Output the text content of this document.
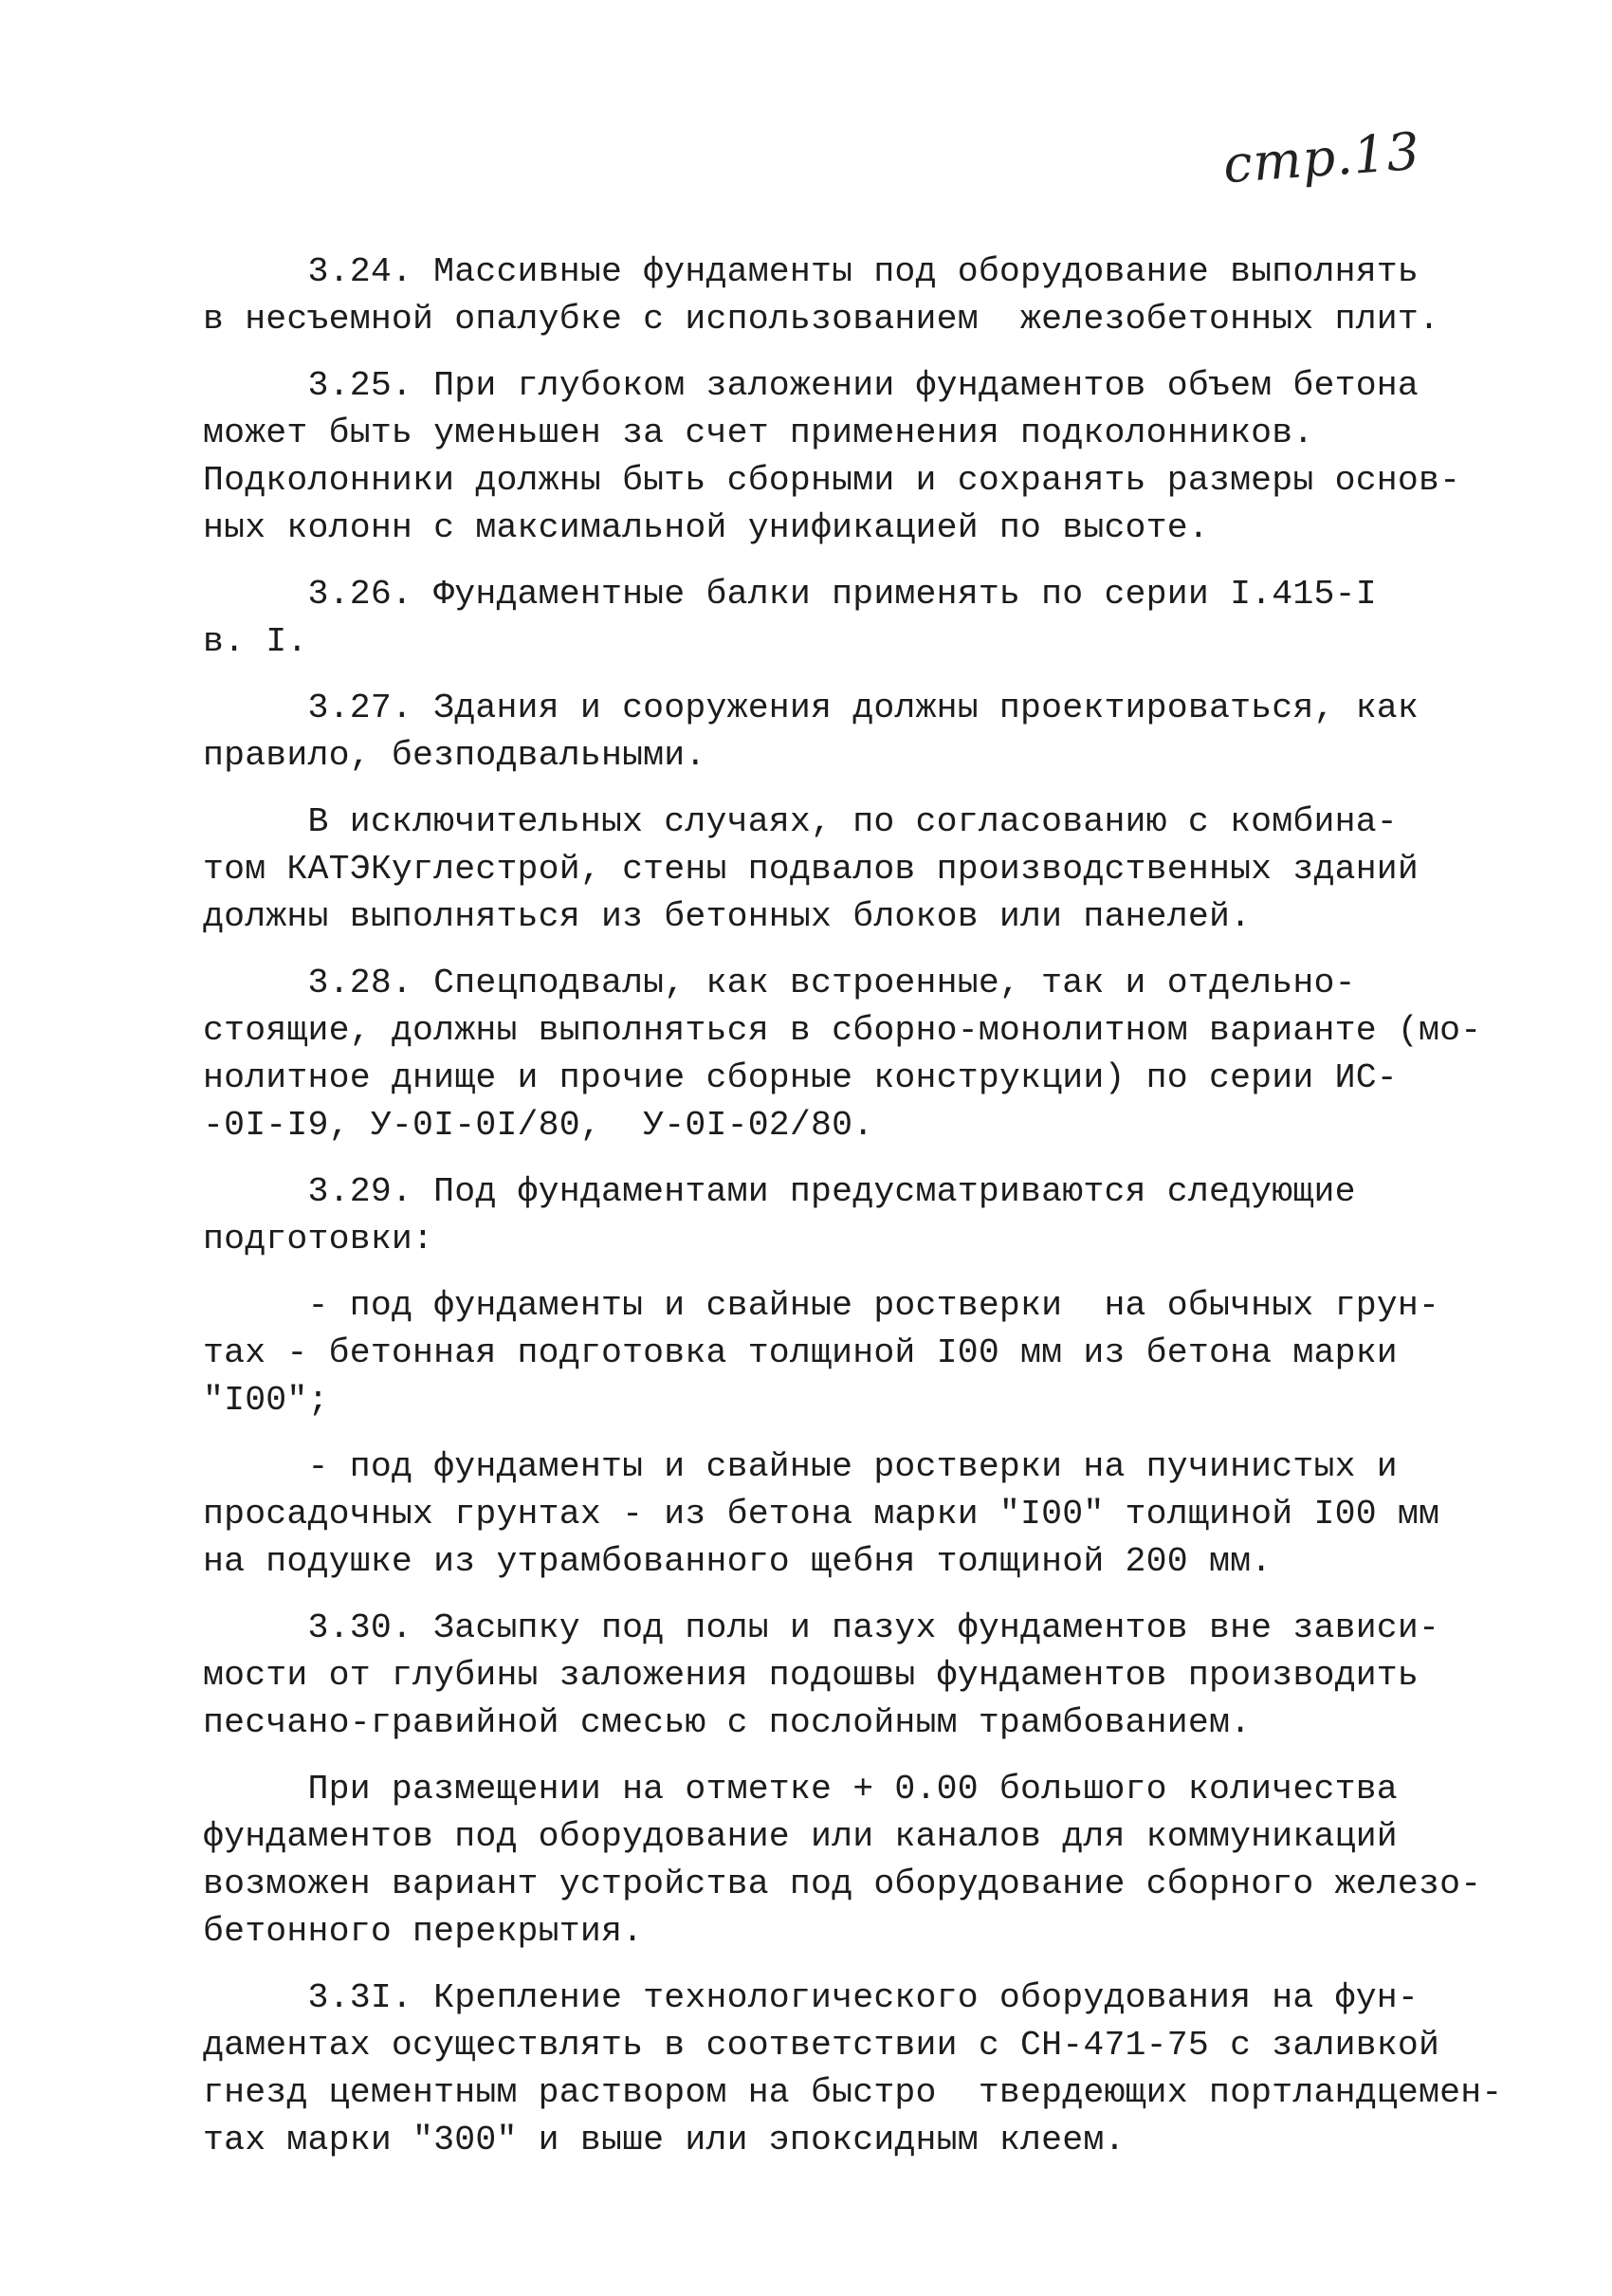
стр.13
3.24. Массивные фундаменты под оборудование выполнять
в несъемной опалубке с использованием  железобетонных плит.
3.25. При глубоком заложении фундаментов объем бетона
может быть уменьшен за счет применения подколонников.
Подколонники должны быть сборными и сохранять размеры основ-
ных колонн с максимальной унификацией по высоте.
3.26. Фундаментные балки применять по серии I.415-I
в. I.
3.27. Здания и сооружения должны проектироваться, как
правило, безподвальными.
В исключительных случаях, по согласованию с комбина-
том КАТЭКуглестрой, стены подвалов производственных зданий
должны выполняться из бетонных блоков или панелей.
3.28. Спецподвалы, как встроенные, так и отдельно-
стоящие, должны выполняться в сборно-монолитном варианте (мо-
нолитное днище и прочие сборные конструкции) по серии ИС-
-0I-I9, У-0I-0I/80,  У-0I-02/80.
3.29. Под фундаментами предусматриваются следующие
подготовки:
- под фундаменты и свайные ростверки  на обычных грун-
тах - бетонная подготовка толщиной I00 мм из бетона марки
"I00";
- под фундаменты и свайные ростверки на пучинистых и
просадочных грунтах - из бетона марки "I00" толщиной I00 мм
на подушке из утрамбованного щебня толщиной 200 мм.
3.30. Засыпку под полы и пазух фундаментов вне зависи-
мости от глубины заложения подошвы фундаментов производить
песчано-гравийной смесью с послойным трамбованием.
При размещении на отметке + 0.00 большого количества
фундаментов под оборудование или каналов для коммуникаций
возможен вариант устройства под оборудование сборного железо-
бетонного перекрытия.
3.3I. Крепление технологического оборудования на фун-
даментах осуществлять в соответствии с СН-471-75 с заливкой
гнезд цементным раствором на быстро  твердеющих портландцемен-
тах марки "300" и выше или эпоксидным клеем.
